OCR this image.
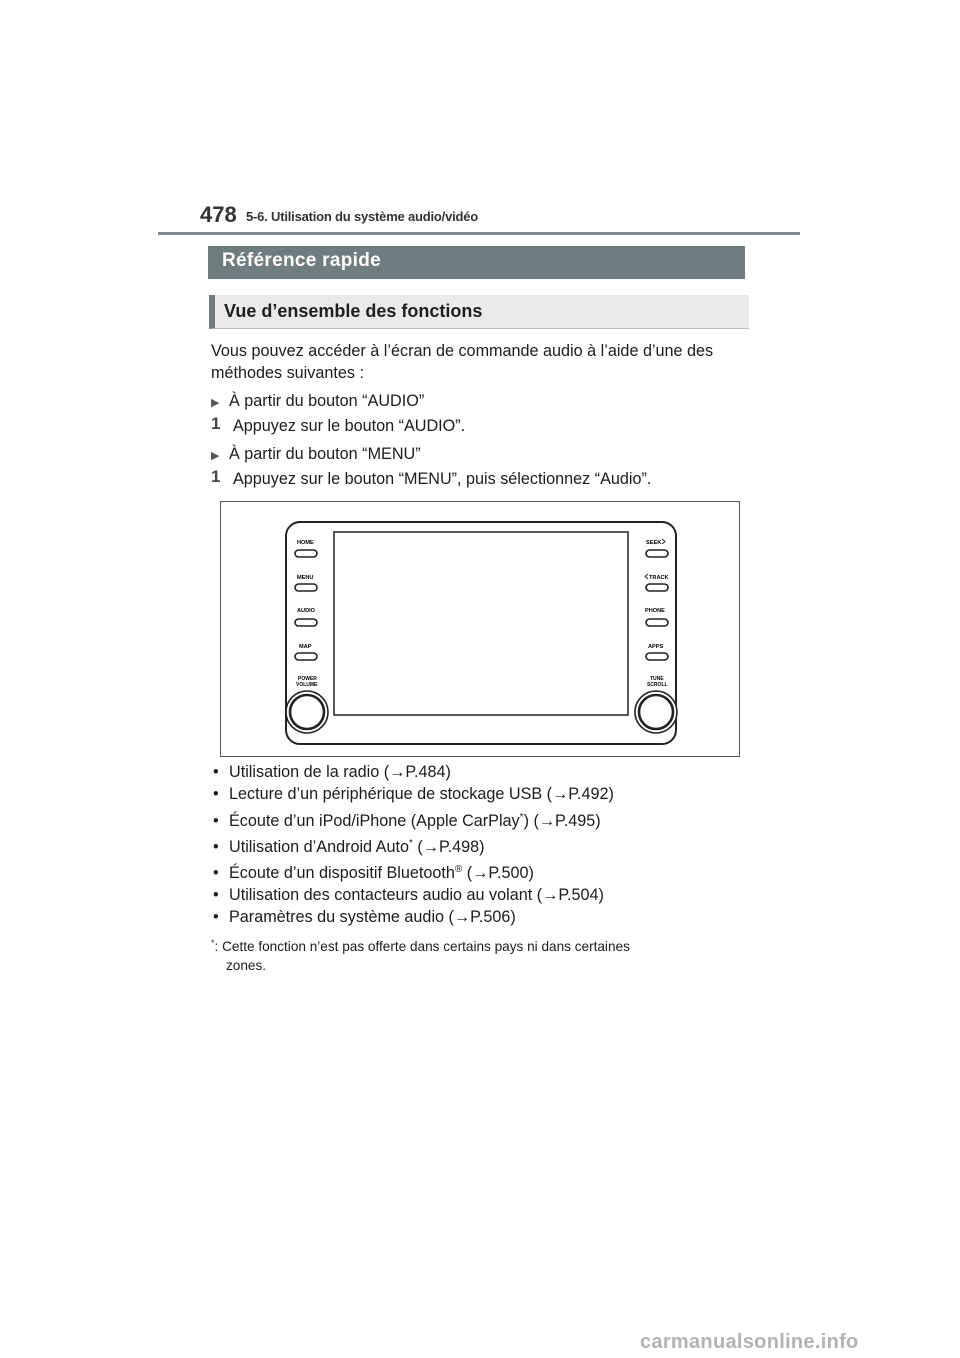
478 5-6. Utilisation du système audio/vidéo
Référence rapide
Vue d’ensemble des fonctions
Vous pouvez accéder à l’écran de commande audio à l’aide d’une des méthodes suivantes :
▶ À partir du bouton “AUDIO”
1 Appuyez sur le bouton “AUDIO”.
▶ À partir du bouton “MENU”
1 Appuyez sur le bouton “MENU”, puis sélectionnez “Audio”.
HOME
MENU
AUDIO
MAP
POWER
VOLUME
SEEK
TRACK
PHONE
APPS
TUNE
SCROLL
• Utilisation de la radio (→P.484)
• Lecture d’un périphérique de stockage USB (→P.492)
• Écoute d’un iPod/iPhone (Apple CarPlay*) (→P.495)
• Utilisation d’Android Auto* (→P.498)
• Écoute d’un dispositif Bluetooth® (→P.500)
• Utilisation des contacteurs audio au volant (→P.504)
• Paramètres du système audio (→P.506)
*: Cette fonction n’est pas offerte dans certains pays ni dans certaines
zones.
carmanualsonline.info
